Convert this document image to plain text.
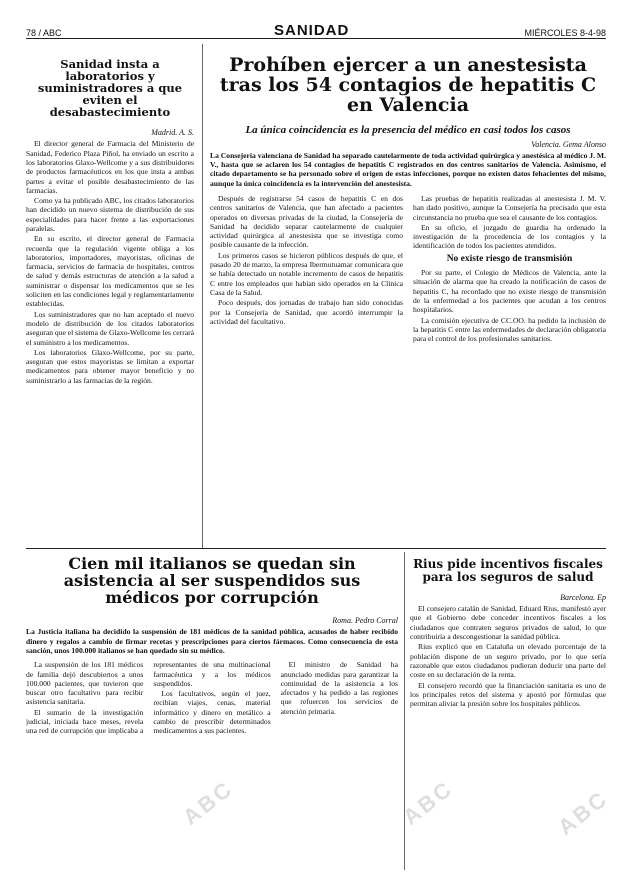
78 / ABC	SANIDAD	MIÉRCOLES 8-4-98
Sanidad insta a laboratorios y suministradores a que eviten el desabastecimiento
Madrid. A. S.

El director general de Farmacia del Ministerio de Sanidad, Federico Plaza Piñol, ha enviado un escrito a los laboratorios Glaxo-Wellcome y a sus distribuidores de productos farmacéuticos en los que insta a ambas partes a evitar el posible desabastecimiento de las farmacias.

Como ya ha publicado ABC, los citados laboratorios han decidido un nuevo sistema de distribución de sus especialidades para hacer frente a las exportaciones paralelas.

En su escrito, el director general de Farmacia recuerda que la regulación vigente obliga a los laboratorios, importadores, mayoristas, oficinas de farmacia, servicios de farmacia de hospitales, centros de salud y demás estructuras de atención a la salud a suministrar o dispensar los medicamentos que se les soliciten en las condiciones legal y reglamentariamente establecidas.

Los suministradores que no han aceptado el nuevo modelo de distribución de los citados laboratorios aseguran que el sistema de Glaxo-Wellcome les cerrará el suministro a los medicamentos.

Los laboratorios Glaxo-Wellcome, por su parte, aseguran que estos mayoristas se limitan a exportar medicamentos para obtener mayor beneficio y no suministrarlo a las farmacias de la región.

Prohíben ejercer a un anestesista tras los 54 contagios de hepatitis C en Valencia
La única coincidencia es la presencia del médico en casi todos los casos
Valencia. Gema Alonso
La Consejería valenciana de Sanidad ha separado cautelarmente de toda actividad quirúrgica y anestésica al médico J. M. V., hasta que se aclaren los 54 contagios de hepatitis C registrados en dos centros sanitarios de Valencia. Asimismo, el citado departamento se ha personado sobre el origen de estas infecciones, porque no existen datos fehacientes del mismo, aunque la única coincidencia es la intervención del anestesista.

Después de registrarse 54 casos de hepatitis C en dos centros sanitarios de Valencia, que han afectado a pacientes operados en diversas privadas de la ciudad, la Consejería de Sanidad ha decidido separar cautelarmente de cualquier actividad quirúrgica al anestesista que se investiga como posible causante de la infección.

Los primeros casos se hicieron públicos después de que, el pasado 20 de marzo, la empresa Ibermutuamar comunicara que se había detectado un notable incremento de casos de hepatitis C entre los empleados que habían sido operados en la Clínica Casa de la Salud.

Poco después, dos jornadas de trabajo han sido conocidas por la Consejería de Sanidad, que acordó interrumpir la actividad del facultativo.

Las pruebas de hepatitis realizadas al anestesista J. M. V. han dado positivo, aunque la Consejería ha precisado que esta circunstancia no prueba que sea el causante de los contagios.

En su oficio, el juzgado de guardia ha ordenado la investigación de la procedencia de los contagios y la identificación de todos los pacientes atendidos.

No existe riesgo de transmisión

Por su parte, el Colegio de Médicos de Valencia, ante la situación de alarma que ha creado la notificación de casos de hepatitis C, ha recordado que no existe riesgo de transmisión de la enfermedad a los pacientes que acudan a los centros hospitalarios.

La comisión ejecutiva de CC.OO. ha pedido la inclusión de la hepatitis C entre las enfermedades de declaración obligatoria para el control de los profesionales sanitarios.

Cien mil italianos se quedan sin asistencia al ser suspendidos sus médicos por corrupción
Roma. Pedro Corral
La Justicia italiana ha decidido la suspensión de 181 médicos de la sanidad pública, acusados de haber recibido dinero y regalos a cambio de firmar recetas y prescripciones para ciertos fármacos. Como consecuencia de esta sanción, unos 100.000 italianos se han quedado sin su médico.

La suspensión de los 181 médicos de familia dejó descubiertos a unos 100.000 pacientes, que tuvieron que buscar otro facultativo para recibir asistencia sanitaria.

El sumario de la investigación judicial, iniciada hace meses, revela una red de corrupción que implicaba a representantes de una multinacional farmacéutica y a los médicos suspendidos.

Los facultativos, según el juez, recibían viajes, cenas, material informático y dinero en metálico a cambio de prescribir determinados medicamentos a sus pacientes.

El ministro de Sanidad ha anunciado medidas para garantizar la continuidad de la asistencia a los afectados y ha pedido a las regiones que refuercen los servicios de atención primaria.

Rius pide incentivos fiscales para los seguros de salud
Barcelona. Ep

El consejero catalán de Sanidad, Eduard Rius, manifestó ayer que el Gobierno debe conceder incentivos fiscales a los ciudadanos que contraten seguros privados de salud, lo que contribuiría a descongestionar la sanidad pública.

Rius explicó que en Cataluña un elevado porcentaje de la población dispone de un seguro privado, por lo que sería razonable que estos ciudadanos pudieran deducir una parte del coste en su declaración de la renta.

El consejero recordó que la financiación sanitaria es uno de los principales retos del sistema y apostó por fórmulas que permitan aliviar la presión sobre los hospitales públicos.

ABC	ABC	ABC
